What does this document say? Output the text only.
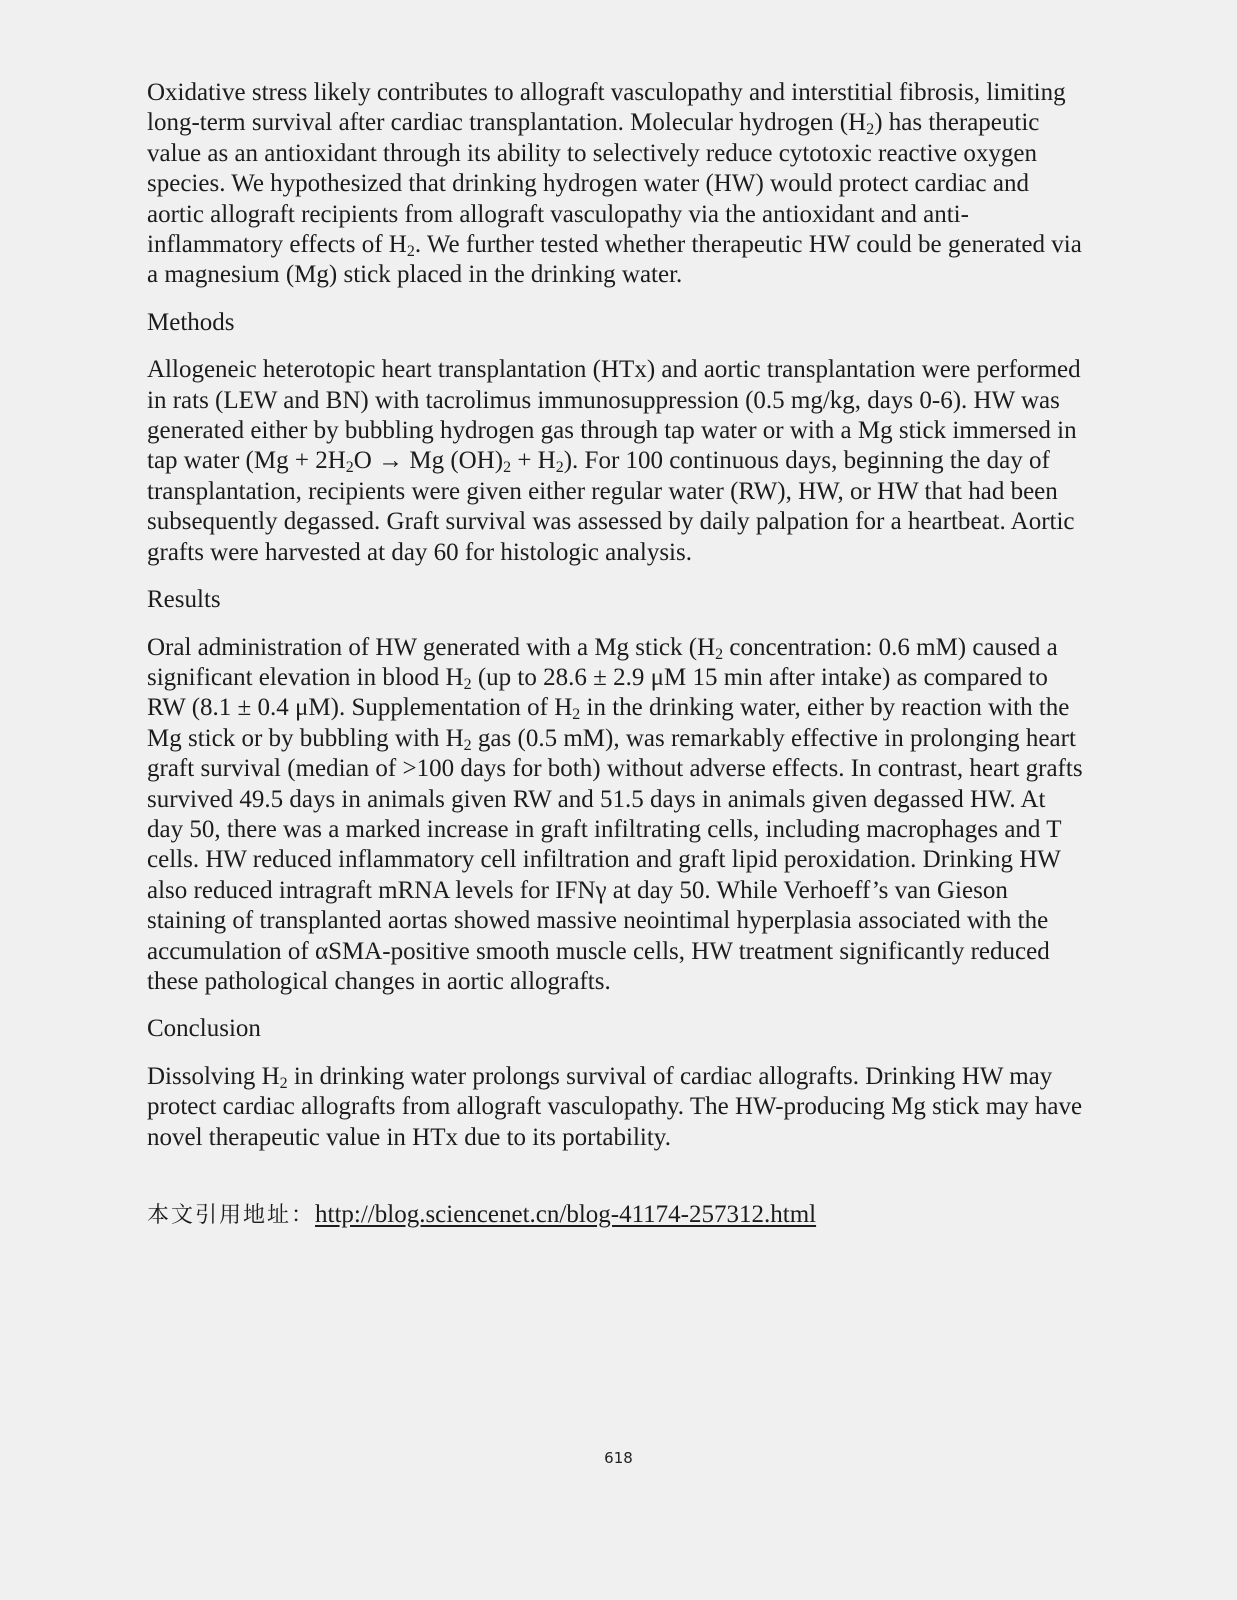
Oxidative stress likely contributes to allograft vasculopathy and interstitial fibrosis, limiting long-term survival after cardiac transplantation. Molecular hydrogen $(H_2)$ has therapeutic value as an antioxidant through its ability to selectively reduce cytotoxic reactive oxygen species. We hypothesized that drinking hydrogen water (HW) would protect cardiac and aortic allograft recipients from allograft vasculopathy via the antioxidant and anti-inflammatory effects of $H_2$. We further tested whether therapeutic HW could be generated via a magnesium (Mg) stick placed in the drinking water.

Methods

Allogeneic heterotopic heart transplantation (HTx) and aortic transplantation were performed in rats (LEW and BN) with tacrolimus immunosuppression (0.5 mg/kg, days 0-6). HW was generated either by bubbling hydrogen gas through tap water or with a Mg stick immersed in tap water ($Mg + 2H_2O \to Mg$ $(OH)_2 + H_2$). For 100 continuous days, beginning the day of transplantation, recipients were given either regular water (RW), HW, or HW that had been subsequently degassed. Graft survival was assessed by daily palpation for a heartbeat. Aortic grafts were harvested at day 60 for histologic analysis.

Results

Oral administration of HW generated with a Mg stick ($H_2$ concentration: 0.6 mM) caused a significant elevation in blood $H_2$ (up to 28.6 ± 2.9 μM 15 min after intake) as compared to RW (8.1 ± 0.4 μM). Supplementation of $H_2$ in the drinking water, either by reaction with the Mg stick or by bubbling with $H_2$ gas (0.5 mM), was remarkably effective in prolonging heart graft survival (median of >100 days for both) without adverse effects. In contrast, heart grafts survived 49.5 days in animals given RW and 51.5 days in animals given degassed HW. At day 50, there was a marked increase in graft infiltrating cells, including macrophages and T cells. HW reduced inflammatory cell infiltration and graft lipid peroxidation. Drinking HW also reduced intragraft mRNA levels for IFNγ at day 50. While Verhoeff’s van Gieson staining of transplanted aortas showed massive neointimal hyperplasia associated with the accumulation of αSMA-positive smooth muscle cells, HW treatment significantly reduced these pathological changes in aortic allografts.

Conclusion

Dissolving $H_2$ in drinking water prolongs survival of cardiac allografts. Drinking HW may protect cardiac allografts from allograft vasculopathy. The HW-producing Mg stick may have novel therapeutic value in HTx due to its portability.

本文引用地址：http://blog.sciencenet.cn/blog-41174-257312.html

618
